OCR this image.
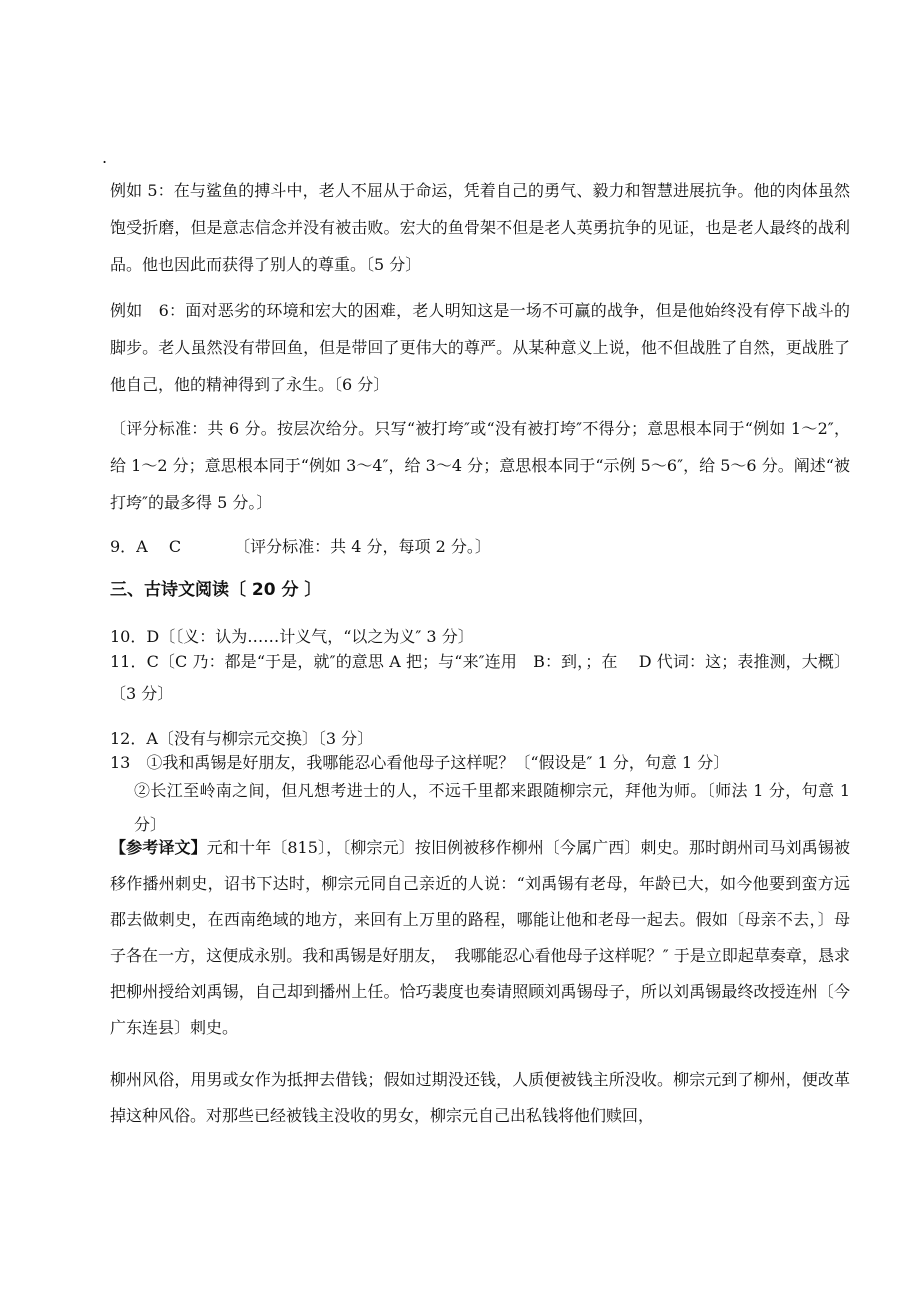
.

例如 5：在与鲨鱼的搏斗中，老人不屈从于命运，凭着自己的勇气、毅力和智慧进展抗争。他的肉体虽然饱受折磨，但是意志信念并没有被击败。宏大的鱼骨架不但是老人英勇抗争的见证，也是老人最终的战利品。他也因此而获得了别人的尊重。〔5 分〕

例如　6：面对恶劣的环境和宏大的困难，老人明知这是一场不可赢的战争，但是他始终没有停下战斗的脚步。老人虽然没有带回鱼，但是带回了更伟大的尊严。从某种意义上说，他不但战胜了自然，更战胜了他自己，他的精神得到了永生。〔6 分〕

〔评分标准：共 6 分。按层次给分。只写“被打垮″或“没有被打垮″不得分；意思根本同于“例如 1～2″，给 1～2 分；意思根本同于“例如 3～4″，给 3～4 分；意思根本同于“示例 5～6″，给 5～6 分。阐述“被打垮″的最多得 5 分。〕

9．A　 C　　　 〔评分标准：共 4 分，每项 2 分。〕
三、古诗文阅读〔 20 分 〕
10．D〔〔义：认为……计义气，“以之为义″ 3 分〕

11．C〔C 乃：都是“于是，就″的意思 A 把；与“来″连用　B：到，；在　 D 代词：这；表推测，大概〕〔3 分〕

12．A〔没有与柳宗元交换〕〔3 分〕
13　①我和禹锡是好朋友，我哪能忍心看他母子这样呢？〔“假设是″ 1 分，句意 1 分〕

②长江至岭南之间，但凡想考进士的人，不远千里都来跟随柳宗元，拜他为师。〔师法 1 分，句意 1 分〕

【参考译文】元和十年〔815〕，〔柳宗元〕按旧例被移作柳州〔今属广西〕刺史。那时朗州司马刘禹锡被移作播州刺史，诏书下达时，柳宗元同自己亲近的人说：“刘禹锡有老母，年龄已大，如今他要到蛮方远郡去做刺史，在西南绝域的地方，来回有上万里的路程，哪能让他和老母一起去。假如〔母亲不去，〕母子各在一方，这便成永别。我和禹锡是好朋友，　我哪能忍心看他母子这样呢？″ 于是立即起草奏章，恳求把柳州授给刘禹锡，自己却到播州上任。恰巧裴度也奏请照顾刘禹锡母子，所以刘禹锡最终改授连州〔今广东连县〕刺史。

柳州风俗，用男或女作为抵押去借钱；假如过期没还钱，人质便被钱主所没收。柳宗元到了柳州，便改革掉这种风俗。对那些已经被钱主没收的男女，柳宗元自己出私钱将他们赎回，
